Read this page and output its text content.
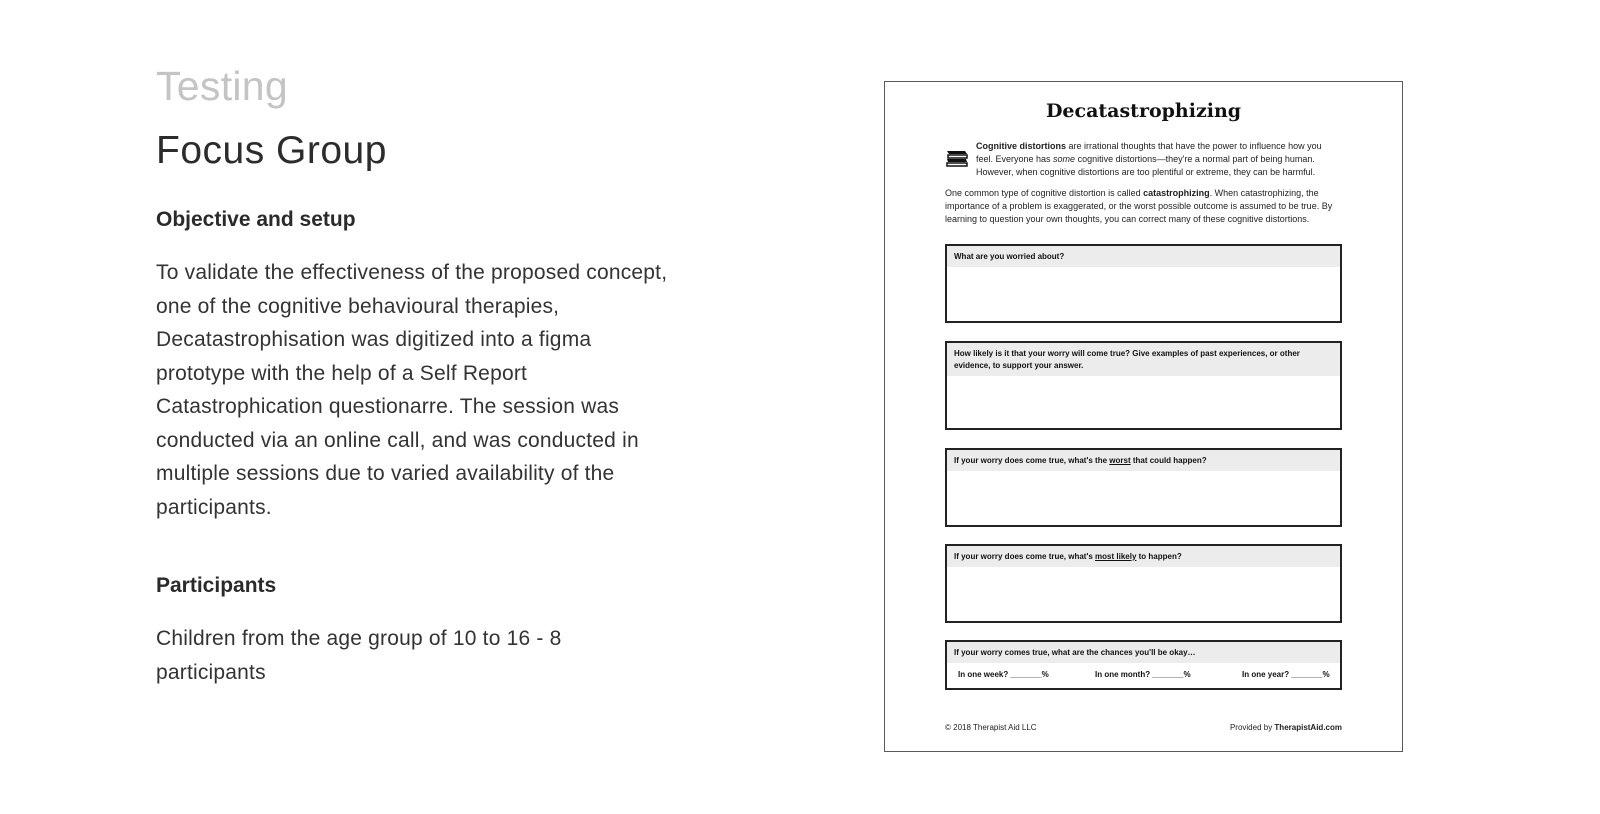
Testing

Focus Group
Objective and setup

To validate the effectiveness of the proposed concept, one of the cognitive behavioural therapies, Decatastrophisation was digitized into a figma prototype with the help of a Self Report Catastrophication questionarre. The session was conducted via an online call, and was conducted in multiple sessions due to varied availability of the participants.

Participants

Children from the age group of 10 to 16 - 8 participants

Decatastrophizing
Cognitive distortions are irrational thoughts that have the power to influence how you feel. Everyone has some cognitive distortions—they're a normal part of being human. However, when cognitive distortions are too plentiful or extreme, they can be harmful.
One common type of cognitive distortion is called catastrophizing. When catastrophizing, the importance of a problem is exaggerated, or the worst possible outcome is assumed to be true. By learning to question your own thoughts, you can correct many of these cognitive distortions.
What are you worried about?
How likely is it that your worry will come true? Give examples of past experiences, or other evidence, to support your answer.
If your worry does come true, what's the worst that could happen?
If your worry does come true, what's most likely to happen?
If your worry comes true, what are the chances you'll be okay…
In one week? _______%	In one month? _______%	In one year? _______%
© 2018 Therapist Aid LLC	Provided by TherapistAid.com
